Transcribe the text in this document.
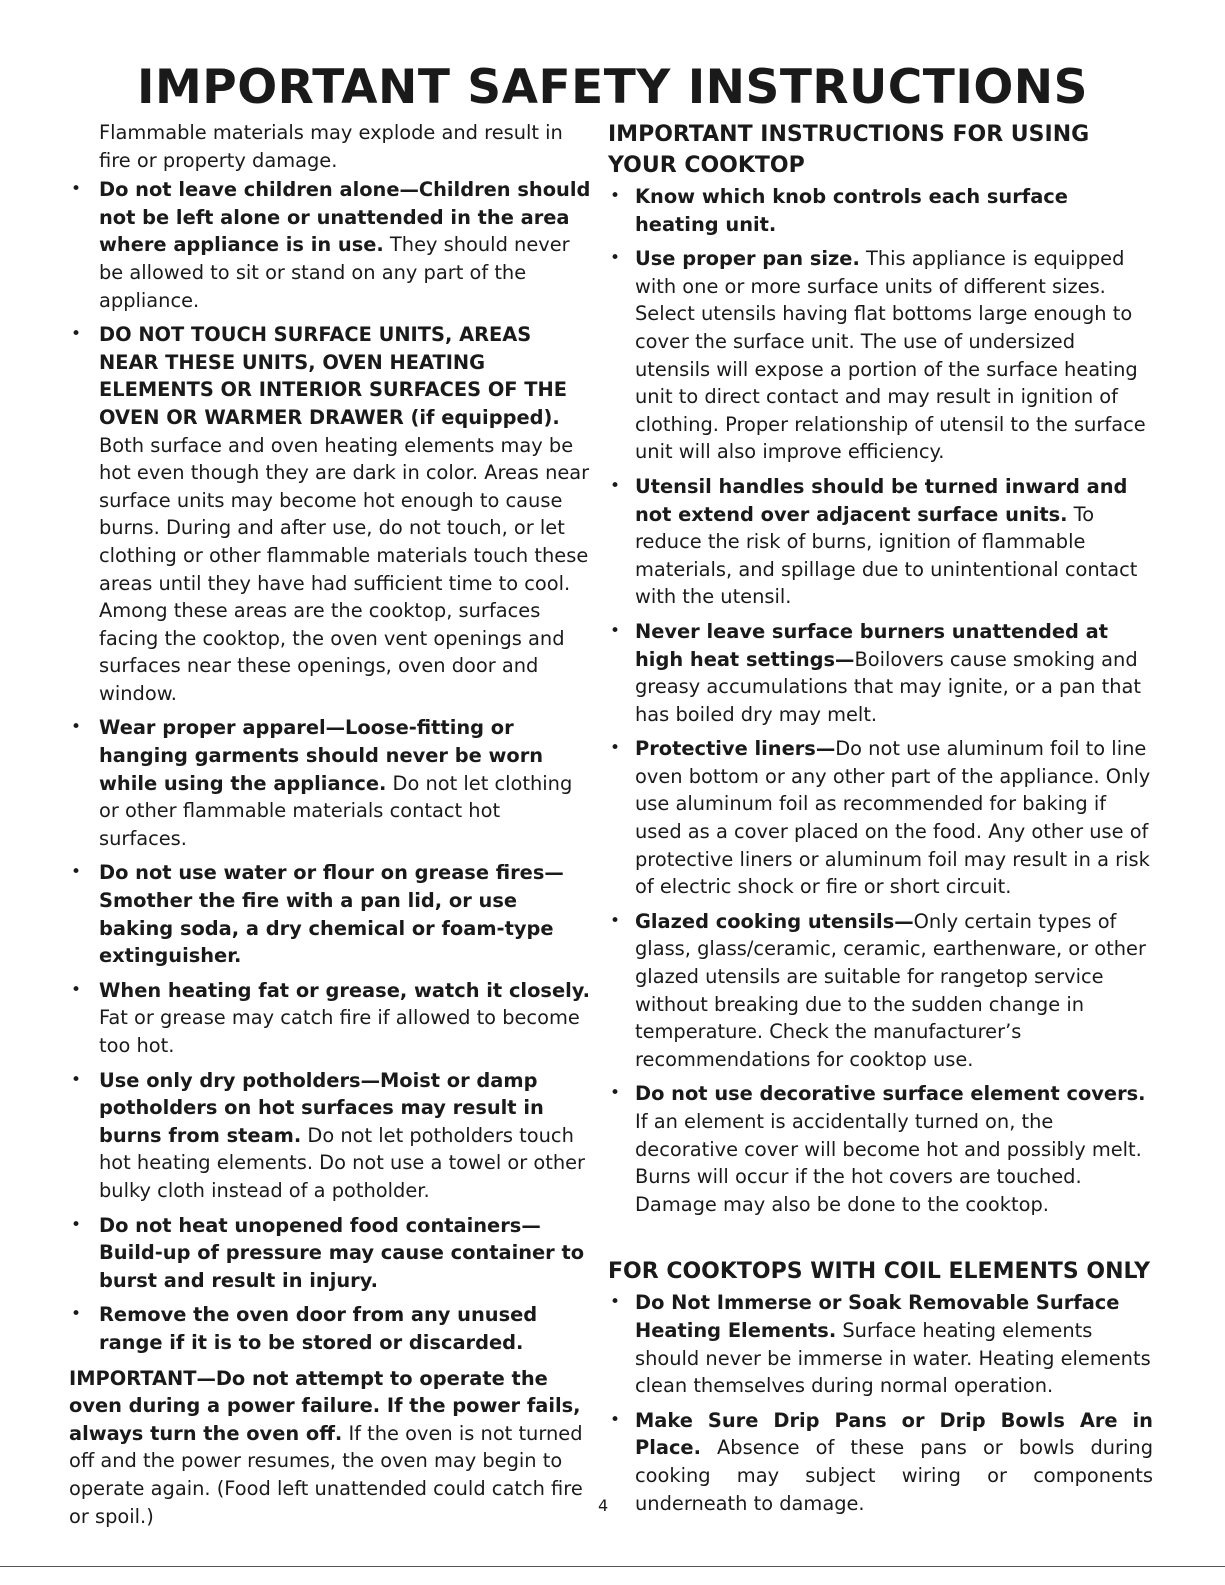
IMPORTANT SAFETY INSTRUCTIONS

Flammable materials may explode and result in fire or property damage.

• Do not leave children alone—Children should not be left alone or unattended in the area where appliance is in use. They should never be allowed to sit or stand on any part of the appliance.
• DO NOT TOUCH SURFACE UNITS, AREAS NEAR THESE UNITS, OVEN HEATING ELEMENTS OR INTERIOR SURFACES OF THE OVEN OR WARMER DRAWER (if equipped). Both surface and oven heating elements may be hot even though they are dark in color. Areas near surface units may become hot enough to cause burns. During and after use, do not touch, or let clothing or other flammable materials touch these areas until they have had sufficient time to cool. Among these areas are the cooktop, surfaces facing the cooktop, the oven vent openings and surfaces near these openings, oven door and window.
• Wear proper apparel—Loose-fitting or hanging garments should never be worn while using the appliance. Do not let clothing or other flammable materials contact hot surfaces.
• Do not use water or flour on grease fires—Smother the fire with a pan lid, or use baking soda, a dry chemical or foam-type extinguisher.
• When heating fat or grease, watch it closely. Fat or grease may catch fire if allowed to become too hot.
• Use only dry potholders—Moist or damp potholders on hot surfaces may result in burns from steam. Do not let potholders touch hot heating elements. Do not use a towel or other bulky cloth instead of a potholder.
• Do not heat unopened food containers—Build-up of pressure may cause container to burst and result in injury.
• Remove the oven door from any unused range if it is to be stored or discarded.

IMPORTANT—Do not attempt to operate the oven during a power failure. If the power fails, always turn the oven off. If the oven is not turned off and the power resumes, the oven may begin to operate again. (Food left unattended could catch fire or spoil.)

IMPORTANT INSTRUCTIONS FOR USING YOUR COOKTOP
• Know which knob controls each surface heating unit.
• Use proper pan size. This appliance is equipped with one or more surface units of different sizes. Select utensils having flat bottoms large enough to cover the surface unit. The use of undersized utensils will expose a portion of the surface heating unit to direct contact and may result in ignition of clothing. Proper relationship of utensil to the surface unit will also improve efficiency.
• Utensil handles should be turned inward and not extend over adjacent surface units. To reduce the risk of burns, ignition of flammable materials, and spillage due to unintentional contact with the utensil.
• Never leave surface burners unattended at high heat settings—Boilovers cause smoking and greasy accumulations that may ignite, or a pan that has boiled dry may melt.
• Protective liners—Do not use aluminum foil to line oven bottom or any other part of the appliance. Only use aluminum foil as recommended for baking if used as a cover placed on the food. Any other use of protective liners or aluminum foil may result in a risk of electric shock or fire or short circuit.
• Glazed cooking utensils—Only certain types of glass, glass/ceramic, ceramic, earthenware, or other glazed utensils are suitable for rangetop service without breaking due to the sudden change in temperature. Check the manufacturer’s recommendations for cooktop use.
• Do not use decorative surface element covers. If an element is accidentally turned on, the decorative cover will become hot and possibly melt. Burns will occur if the hot covers are touched. Damage may also be done to the cooktop.
FOR COOKTOPS WITH COIL ELEMENTS ONLY
• Do Not Immerse or Soak Removable Surface Heating Elements. Surface heating elements should never be immerse in water. Heating elements clean themselves during normal operation.
• Make Sure Drip Pans or Drip Bowls Are in Place. Absence of these pans or bowls during cooking may subject wiring or components underneath to damage.
4
